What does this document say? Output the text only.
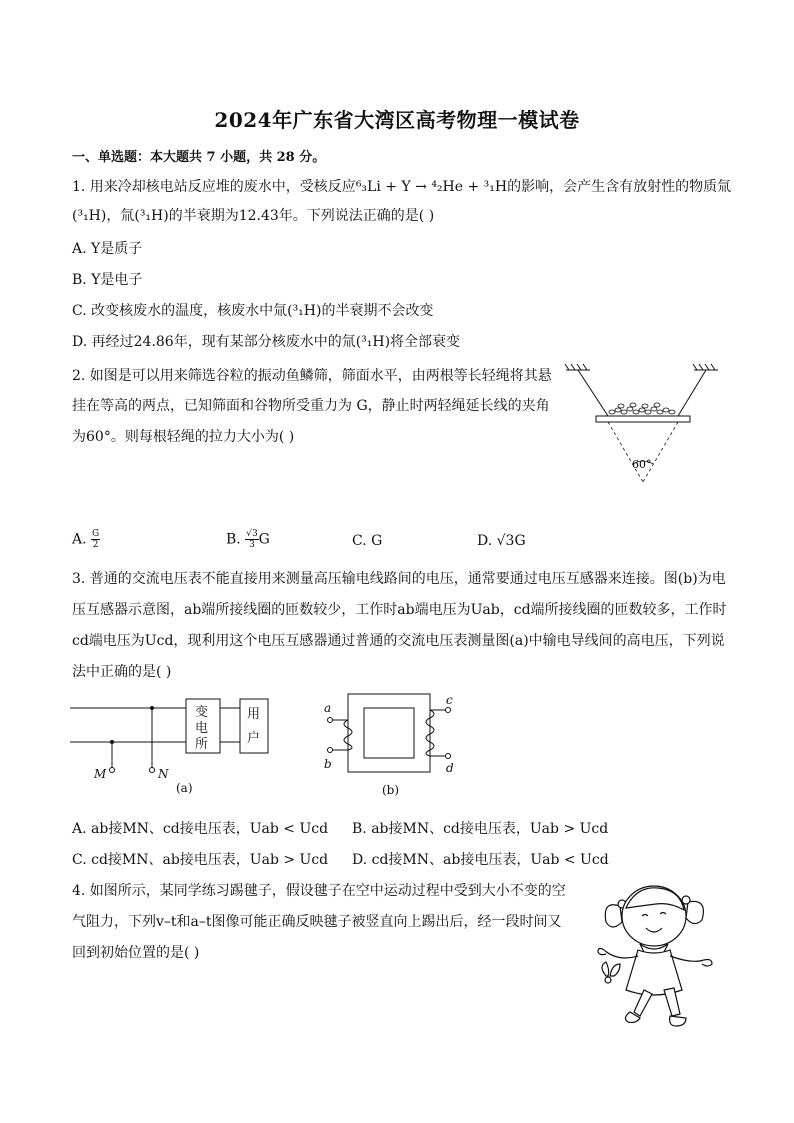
2024年广东省大湾区高考物理一模试卷
一、单选题：本大题共 7 小题，共 28 分。
1. 用来冷却核电站反应堆的废水中，受核反应⁶₃Li + Y → ⁴₂He + ³₁H的影响，会产生含有放射性的物质氚
(³₁H)，氚(³₁H)的半衰期为12.43年。下列说法正确的是( )
A. Y是质子
B. Y是电子
C. 改变核废水的温度，核废水中氚(³₁H)的半衰期不会改变
D. 再经过24.86年，现有某部分核废水中的氚(³₁H)将全部衰变
2. 如图是可以用来筛选谷粒的振动鱼鳞筛，筛面水平，由两根等长轻绳将其悬
挂在等高的两点，已知筛面和谷物所受重力为 G，静止时两轻绳延长线的夹角
为60°。则每根轻绳的拉力大小为( )
60°
A. $\frac{G}{2}$	B. $\frac{√3}{3}$ G	C. G	D. √3G
3. 普通的交流电压表不能直接用来测量高压输电线路间的电压，通常要通过电压互感器来连接。图(b)为电
压互感器示意图，ab端所接线圈的匝数较少，工作时ab端电压为Uab，cd端所接线圈的匝数较多，工作时
cd端电压为Ucd，现利用这个电压互感器通过普通的交流电压表测量图(a)中输电导线间的高电压，下列说
法中正确的是( )
变
电
所
用
户
M	N
(a)
a
b
c
d
(b)
A. ab接MN、cd接电压表，Uab < Ucd B. ab接MN、cd接电压表，Uab > Ucd
C. cd接MN、ab接电压表，Uab > Ucd D. cd接MN、ab接电压表，Uab < Ucd
4. 如图所示，某同学练习踢毽子，假设毽子在空中运动过程中受到大小不变的空
气阻力，下列v–t和a–t图像可能正确反映毽子被竖直向上踢出后，经一段时间又
回到初始位置的是( )
